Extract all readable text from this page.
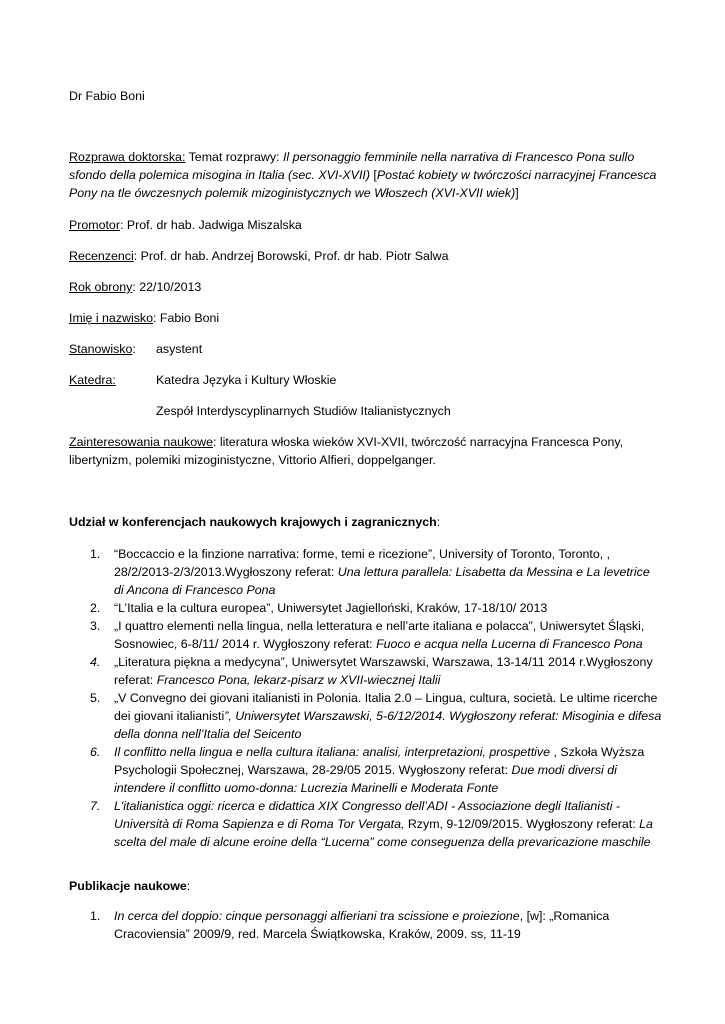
Dr Fabio Boni

Rozprawa doktorska: Temat rozprawy: Il personaggio femminile nella narrativa di Francesco Pona sullo sfondo della polemica misogina in Italia (sec. XVI-XVII) [Postać kobiety w twórczości narracyjnej Francesca Pony na tle ówczesnych polemik mizoginistycznych we Włoszech (XVI-XVII wiek)]

Promotor: Prof. dr hab. Jadwiga Miszalska

Recenzenci: Prof. dr hab. Andrzej Borowski, Prof. dr hab. Piotr Salwa

Rok obrony: 22/10/2013

Imię i nazwisko: Fabio Boni

Stanowisko: asystent

Katedra:	Katedra Języka i Kultury Włoskie

Zespół Interdyscyplinarnych Studiów Italianistycznych

Zainteresowania naukowe: literatura włoska wieków XVI-XVII, twórczość narracyjna Francesca Pony, libertynizm, polemiki mizoginistyczne, Vittorio Alfieri, doppelganger.

Udział w konferencjach naukowych krajowych i zagranicznych:

1. “Boccaccio e la finzione narrativa: forme, temi e ricezione”, University of Toronto, Toronto, , 28/2/2013-2/3/2013.Wygłoszony referat: Una lettura parallela: Lisabetta da Messina e La levetrice di Ancona di Francesco Pona
2. “L’Italia e la cultura europea”, Uniwersytet Jagielloński, Kraków, 17-18/10/ 2013
3. „I quattro elementi nella lingua, nella letteratura e nell’arte italiana e polacca”, Uniwersytet Śląski, Sosnowiec, 6-8/11/ 2014 r. Wygłoszony referat: Fuoco e acqua nella Lucerna di Francesco Pona
4. „Literatura piękna a medycyna”, Uniwersytet Warszawski, Warszawa, 13-14/11 2014 r.Wygłoszony referat: Francesco Pona, lekarz-pisarz w XVII-wiecznej Italii
5. „V Convegno dei giovani italianisti in Polonia. Italia 2.0 – Lingua, cultura, società. Le ultime ricerche dei giovani italianisti”, Uniwersytet Warszawski, 5-6/12/2014. Wygłoszony referat: Misoginia e difesa della donna nell’Italia del Seicento
6. Il conflitto nella lingua e nella cultura italiana: analisi, interpretazioni, prospettive , Szkoła Wyższa Psychologii Społecznej, Warszawa, 28-29/05 2015. Wygłoszony referat: Due modi diversi di intendere il conflitto uomo-donna: Lucrezia Marinelli e Moderata Fonte
7. L'italianistica oggi: ricerca e didattica XIX Congresso dell’ADI - Associazione degli Italianisti - Università di Roma Sapienza e di Roma Tor Vergata, Rzym, 9-12/09/2015. Wygłoszony referat: La scelta del male di alcune eroine della “Lucerna” come conseguenza della prevaricazione maschile

Publikacje naukowe:

1. In cerca del doppio: cinque personaggi alfieriani tra scissione e proiezione, [w]: „Romanica Cracoviensia” 2009/9, red. Marcela Świątkowska, Kraków, 2009. ss, 11-19
